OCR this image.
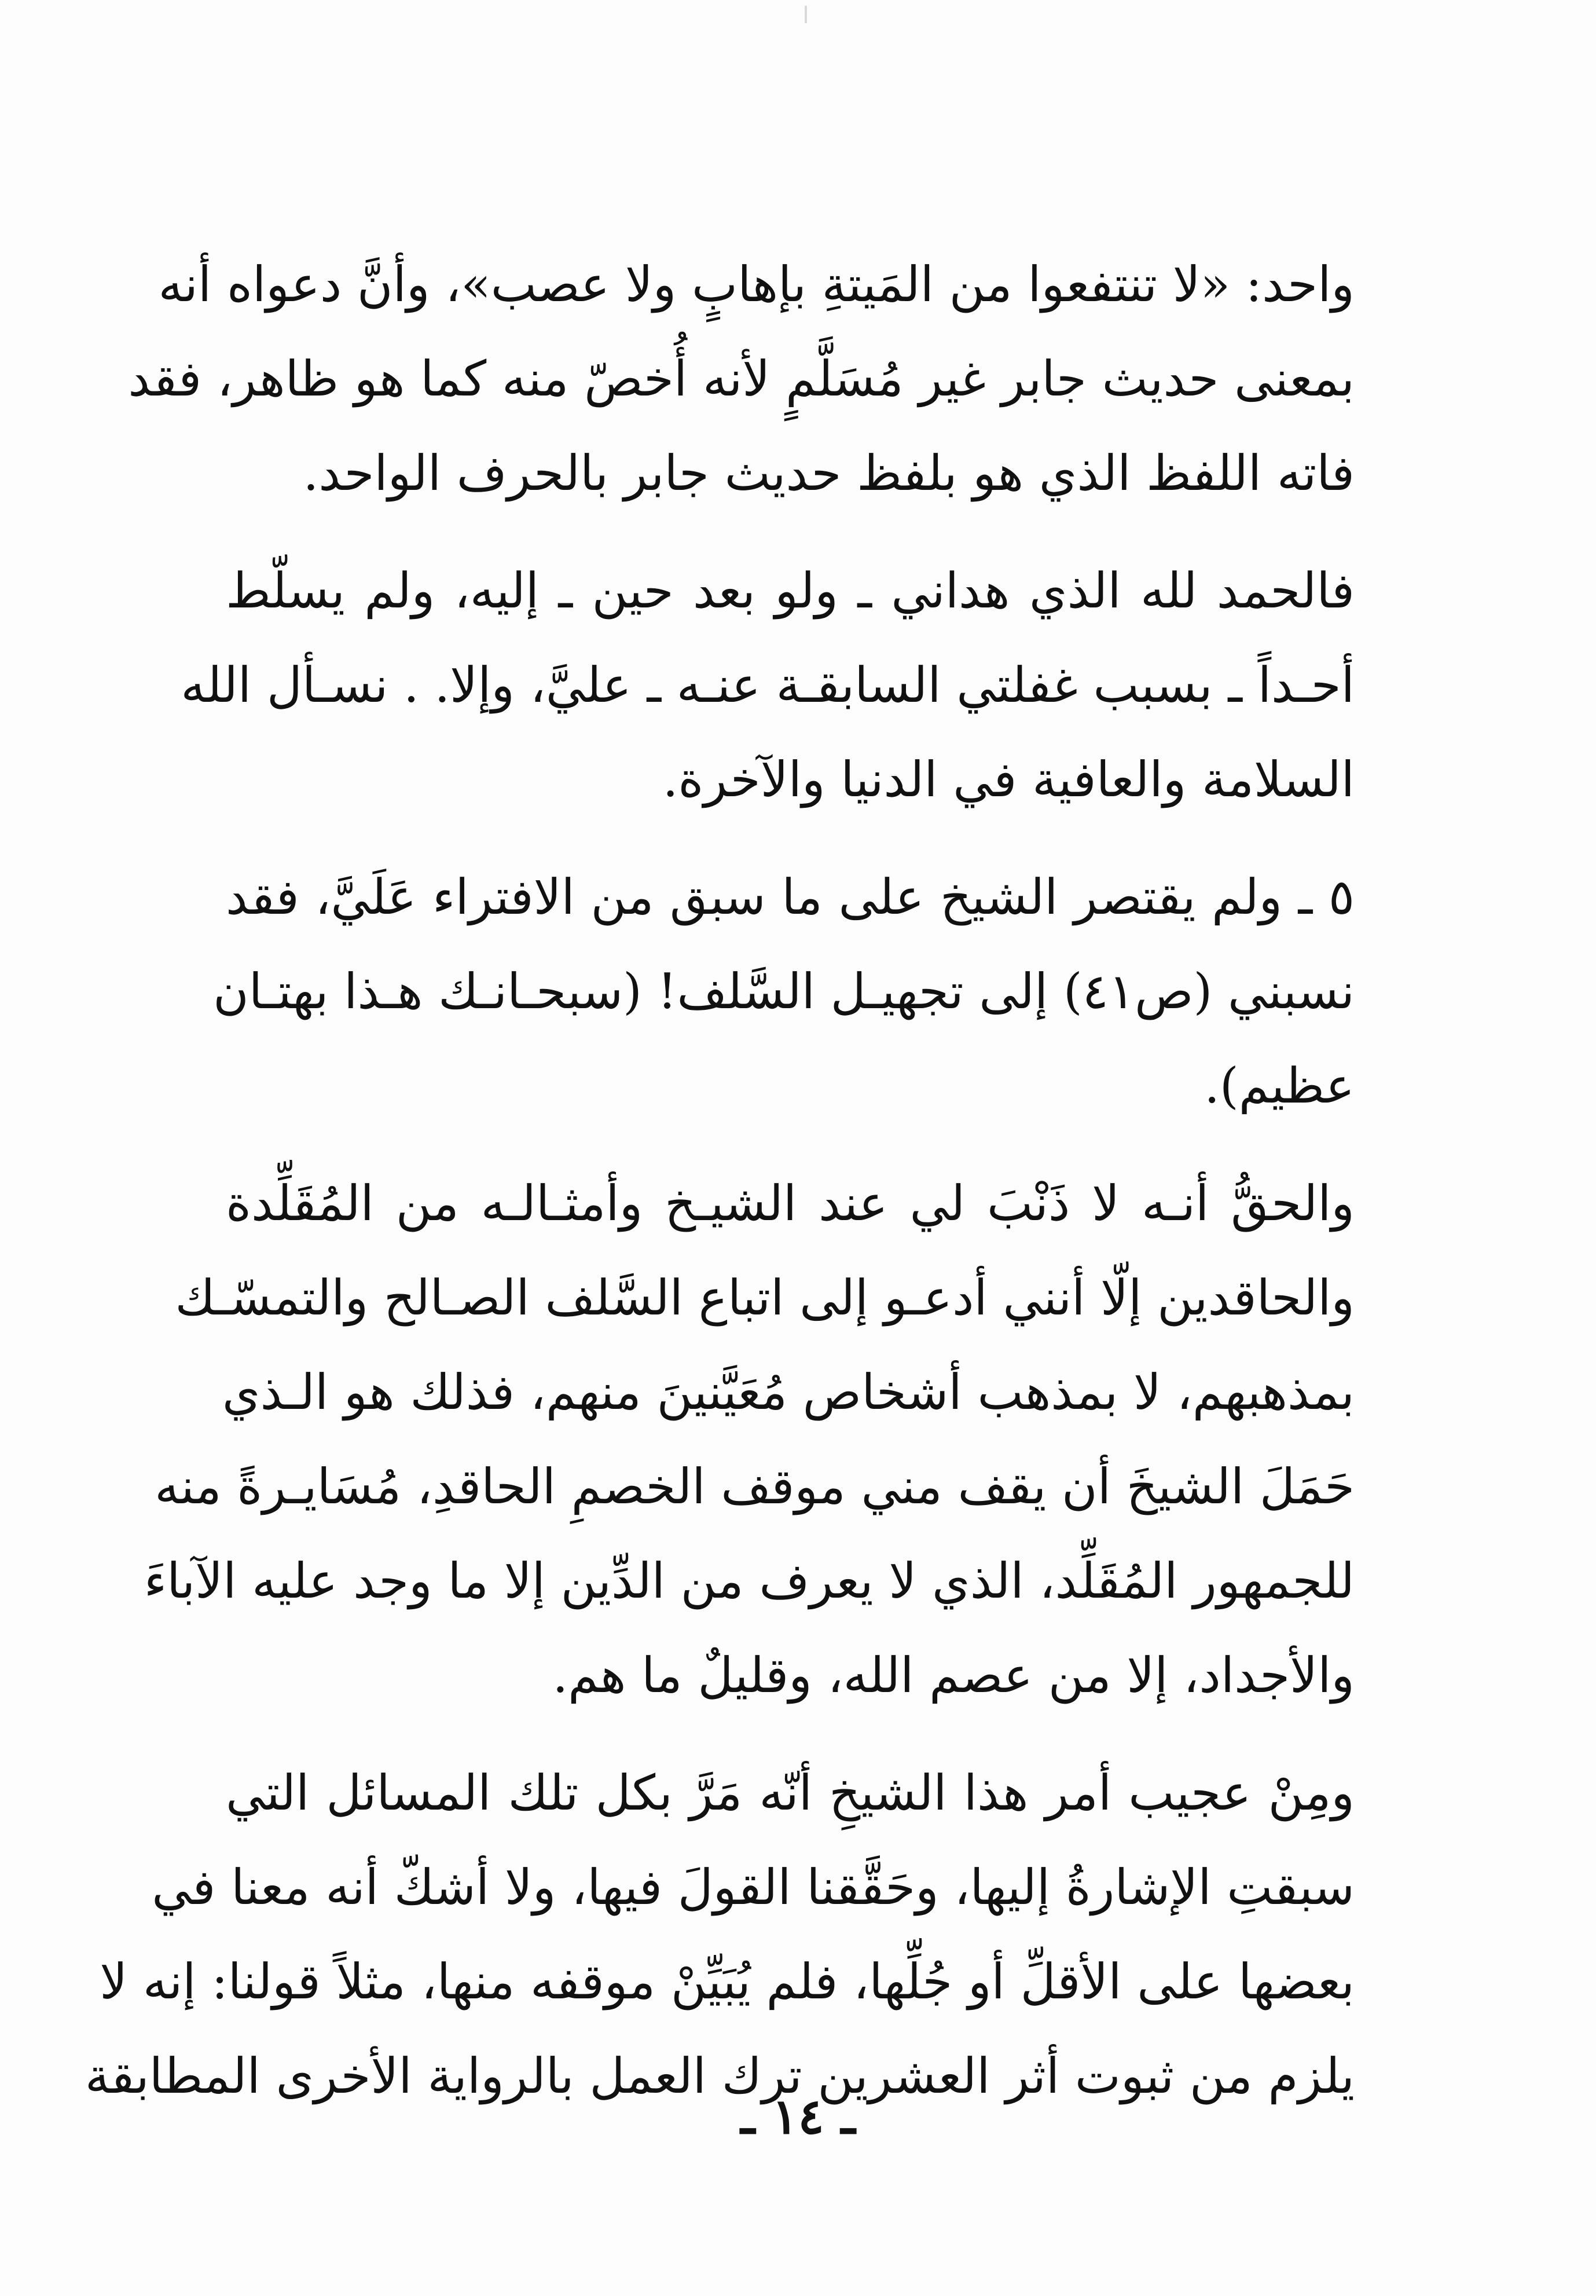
واحد: «لا تنتفعوا من المَيتةِ بإهابٍ ولا عصب»، وأنَّ دعواه أنه
بمعنى حديث جابر غير مُسَلَّمٍ لأنه أُخصّ منه كما هو ظاهر، فقد
فاته اللفظ الذي هو بلفظ حديث جابر بالحرف الواحد.
فالحمد لله الذي هداني ـ ولو بعد حين ـ إليه، ولم يسلّط
أحـداً ـ بسبب غفلتي السابقـة عنـه ـ عليَّ، وإلا. . نسـأل الله
السلامة والعافية في الدنيا والآخرة.
٥ ـ ولم يقتصر الشيخ على ما سبق من الافتراء عَلَيَّ، فقد
نسبني (ص٤١) إلى تجهيـل السَّلف! (سبحـانـك هـذا بهتـان
عظيم).
والحقُّ أنـه لا ذَنْبَ لي عند الشيـخ وأمثـالـه من المُقَلِّدة
والحاقدين إلّا أنني أدعـو إلى اتباع السَّلف الصـالح والتمسّـك
بمذهبهم، لا بمذهب أشخاص مُعَيَّنينَ منهم، فذلك هو الـذي
حَمَلَ الشيخَ أن يقف مني موقف الخصمِ الحاقدِ، مُسَايـرةً منه
للجمهور المُقَلِّد، الذي لا يعرف من الدِّين إلا ما وجد عليه الآباءَ
والأجداد، إلا من عصم الله، وقليلٌ ما هم.
ومِنْ عجيب أمر هذا الشيخِ أنّه مَرَّ بكل تلك المسائل التي
سبقتِ الإشارةُ إليها، وحَقَّقنا القولَ فيها، ولا أشكّ أنه معنا في
بعضها على الأقلِّ أو جُلِّها، فلم يُبَيِّنْ موقفه منها، مثلاً قولنا: إنه لا
يلزم من ثبوت أثر العشرين ترك العمل بالرواية الأخرى المطابقة
ـ ١٤ ـ
